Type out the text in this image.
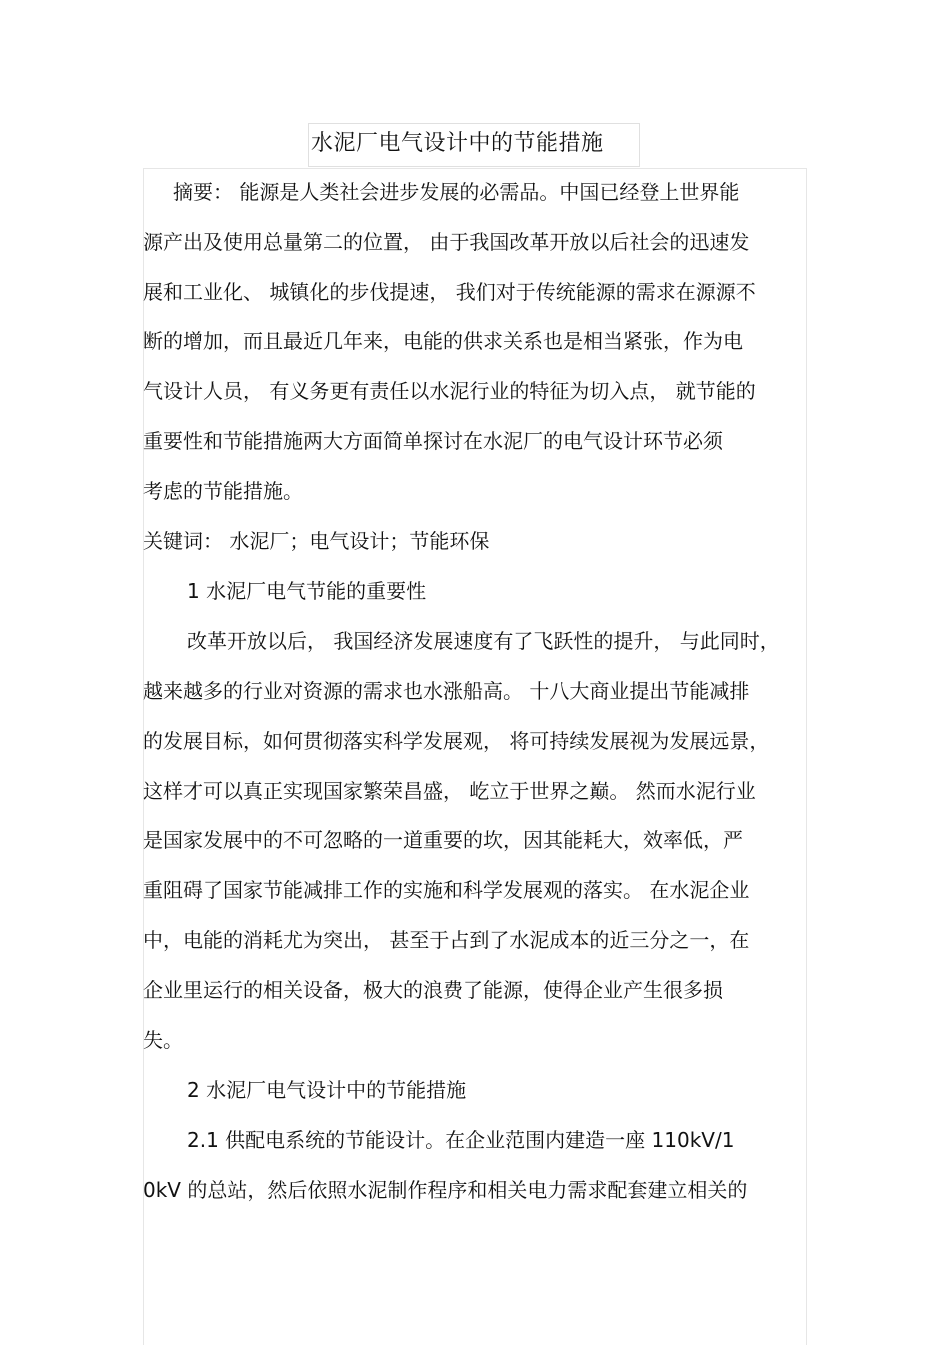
水泥厂电气设计中的节能措施
摘要： 能源是人类社会进步发展的必需品。中国已经登上世界能
源产出及使用总量第二的位置， 由于我国改革开放以后社会的迅速发
展和工业化、 城镇化的步伐提速， 我们对于传统能源的需求在源源不
断的增加，而且最近几年来，电能的供求关系也是相当紧张，作为电
气设计人员， 有义务更有责任以水泥行业的特征为切入点， 就节能的
重要性和节能措施两大方面简单探讨在水泥厂的电气设计环节必须
考虑的节能措施。
关键词： 水泥厂；电气设计；节能环保
1 水泥厂电气节能的重要性
改革开放以后， 我国经济发展速度有了飞跃性的提升， 与此同时，
越来越多的行业对资源的需求也水涨船高。 十八大商业提出节能减排
的发展目标，如何贯彻落实科学发展观， 将可持续发展视为发展远景，
这样才可以真正实现国家繁荣昌盛， 屹立于世界之巅。 然而水泥行业
是国家发展中的不可忽略的一道重要的坎，因其能耗大，效率低，严
重阻碍了国家节能减排工作的实施和科学发展观的落实。 在水泥企业
中，电能的消耗尤为突出， 甚至于占到了水泥成本的近三分之一，在
企业里运行的相关设备，极大的浪费了能源，使得企业产生很多损
失。
2 水泥厂电气设计中的节能措施
2.1 供配电系统的节能设计。在企业范围内建造一座 110kV/1
0kV 的总站，然后依照水泥制作程序和相关电力需求配套建立相关的
